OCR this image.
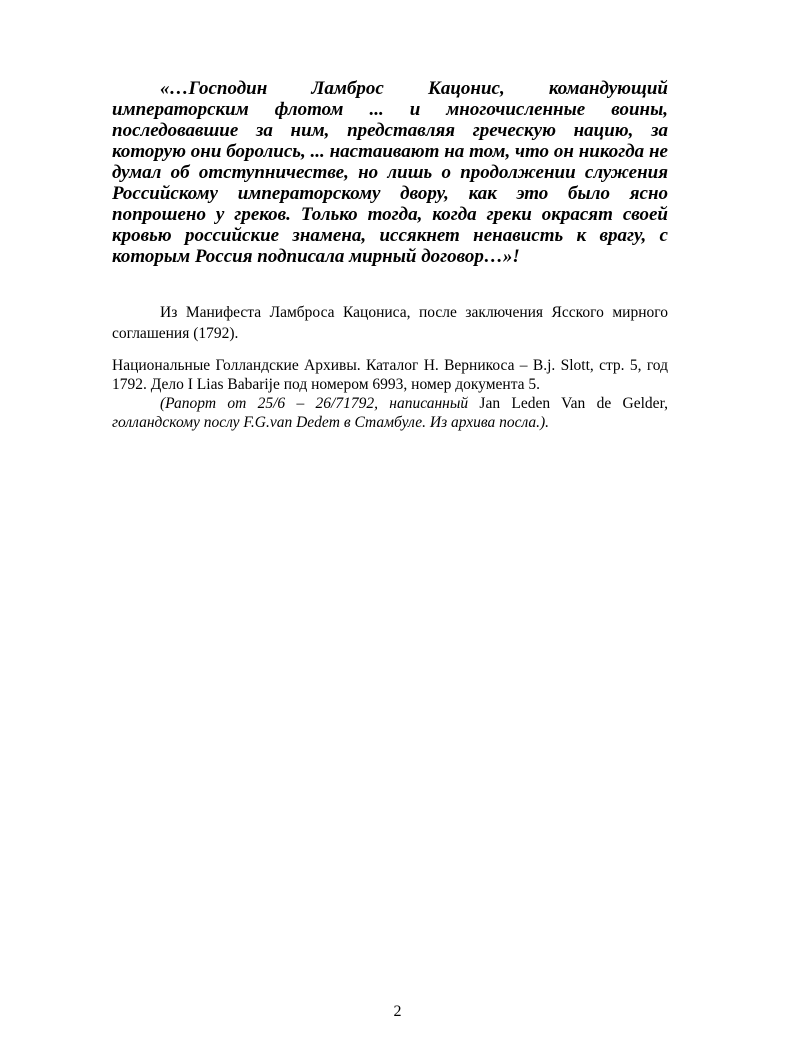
«…Господин Ламброс Кацонис, командующий императорским флотом ... и многочисленные воины, последовавшие за ним, представляя греческую нацию, за которую они боролись, ... настаивают на том, что он никогда не думал об отступничестве, но лишь о продолжении служения Российскому императорскому двору, как это было ясно попрошено у греков. Только тогда, когда греки окрасят своей кровью российские знамена, иссякнет ненависть к врагу, с которым Россия подписала мирный договор…»!

Из Манифеста Ламброса Кацониса, после заключения Ясского мирного соглашения (1792).

Национальные Голландские Архивы. Каталог Н. Верникоса – B.j. Slott, стр. 5, год 1792. Дело I Lias Babarije под номером 6993, номер документа 5.

(Рапорт от 25/6 – 26/71792, написанный Jan Leden Van de Gelder, голландскому послу F.G.van Dedem в Стамбуле. Из архива посла.).

2
